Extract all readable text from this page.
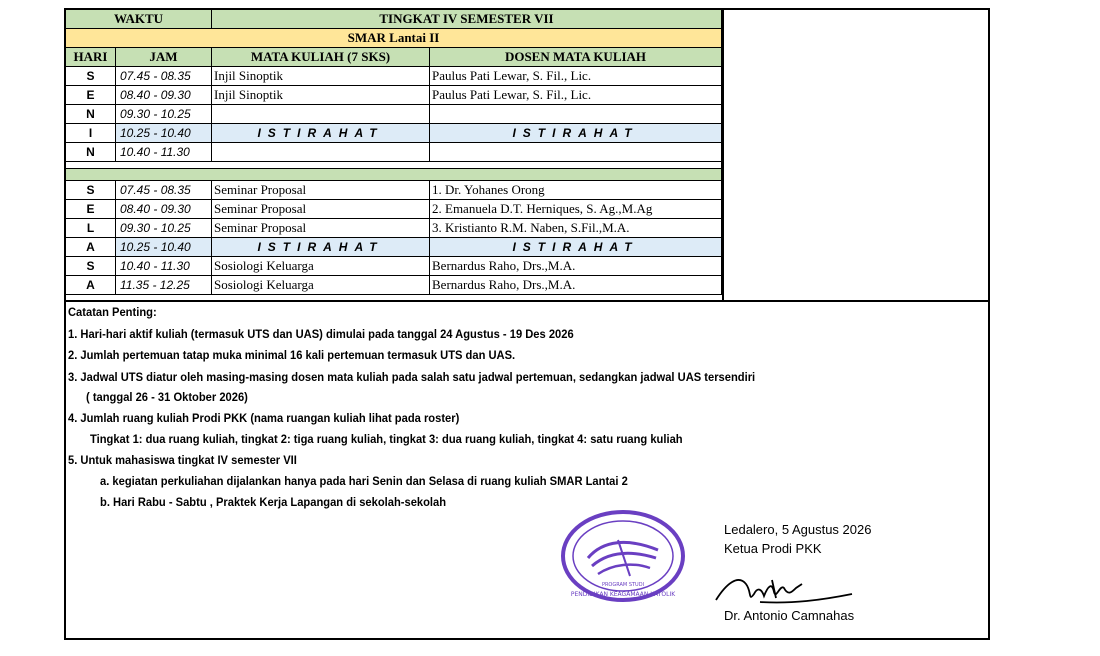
WAKTU	TINGKAT IV SEMESTER VII
SMAR Lantai II
HARI	JAM	MATA KULIAH (7 SKS)	DOSEN MATA KULIAH
S	07.45 - 08.35	Injil Sinoptik	Paulus Pati Lewar, S. Fil., Lic.
E	08.40 - 09.30	Injil Sinoptik	Paulus Pati Lewar, S. Fil., Lic.
N	09.30 - 10.25
I	10.25 - 10.40	ISTIRAHAT	ISTIRAHAT
N	10.40 - 11.30
S	07.45 - 08.35	Seminar Proposal	1. Dr. Yohanes Orong
E	08.40 - 09.30	Seminar Proposal	2. Emanuela D.T. Herniques, S. Ag.,M.Ag
L	09.30 - 10.25	Seminar Proposal	3. Kristianto R.M. Naben, S.Fil.,M.A.
A	10.25 - 10.40	ISTIRAHAT	ISTIRAHAT
S	10.40 - 11.30	Sosiologi Keluarga	Bernardus Raho, Drs.,M.A.
A	11.35 - 12.25	Sosiologi Keluarga	Bernardus Raho, Drs.,M.A.
Catatan Penting:
1. Hari-hari aktif kuliah (termasuk UTS dan UAS) dimulai pada tanggal 24 Agustus - 19 Des 2026
2. Jumlah pertemuan tatap muka minimal 16 kali pertemuan termasuk UTS dan UAS.
3. Jadwal UTS diatur oleh masing-masing dosen mata kuliah pada salah satu jadwal pertemuan, sedangkan jadwal UAS tersendiri
( tanggal 26 - 31 Oktober 2026)
4. Jumlah ruang kuliah Prodi PKK (nama ruangan kuliah lihat pada roster)
Tingkat 1: dua ruang kuliah, tingkat 2: tiga ruang kuliah, tingkat 3: dua ruang kuliah, tingkat 4: satu ruang kuliah
5. Untuk mahasiswa tingkat IV semester VII
a. kegiatan perkuliahan dijalankan hanya pada hari Senin dan Selasa di ruang kuliah SMAR Lantai 2
b. Hari Rabu - Sabtu , Praktek Kerja Lapangan di sekolah-sekolah
PROGRAM STUDI
PENDIDIKAN KEAGAMAAN KATOLIK
Ledalero, 5 Agustus 2026
Ketua Prodi PKK
Dr. Antonio Camnahas
